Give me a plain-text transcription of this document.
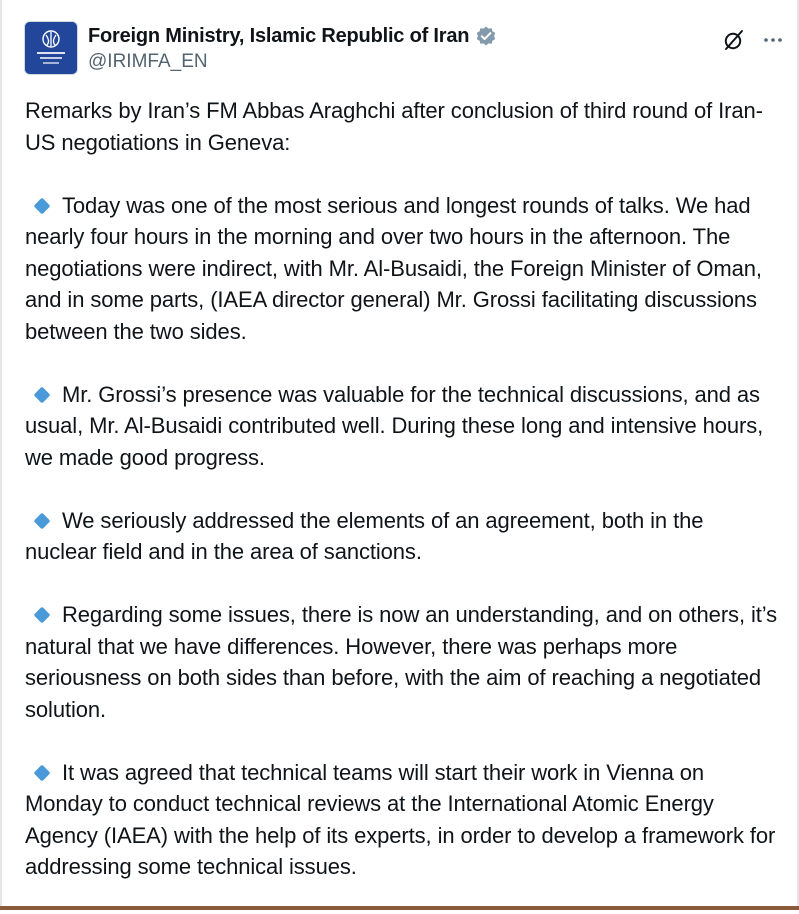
Foreign Ministry, Islamic Republic of Iran
@IRIMFA_EN

Remarks by Iran’s FM Abbas Araghchi after conclusion of third round of Iran-US negotiations in Geneva:

Today was one of the most serious and longest rounds of talks. We had nearly four hours in the morning and over two hours in the afternoon. The negotiations were indirect, with Mr. Al-Busaidi, the Foreign Minister of Oman, and in some parts, (IAEA director general) Mr. Grossi facilitating discussions between the two sides.

Mr. Grossi’s presence was valuable for the technical discussions, and as usual, Mr. Al-Busaidi contributed well. During these long and intensive hours, we made good progress.

We seriously addressed the elements of an agreement, both in the nuclear field and in the area of sanctions.

Regarding some issues, there is now an understanding, and on others, it’s natural that we have differences. However, there was perhaps more seriousness on both sides than before, with the aim of reaching a negotiated solution.

It was agreed that technical teams will start their work in Vienna on Monday to conduct technical reviews at the International Atomic Energy Agency (IAEA) with the help of its experts, in order to develop a framework for addressing some technical issues.
